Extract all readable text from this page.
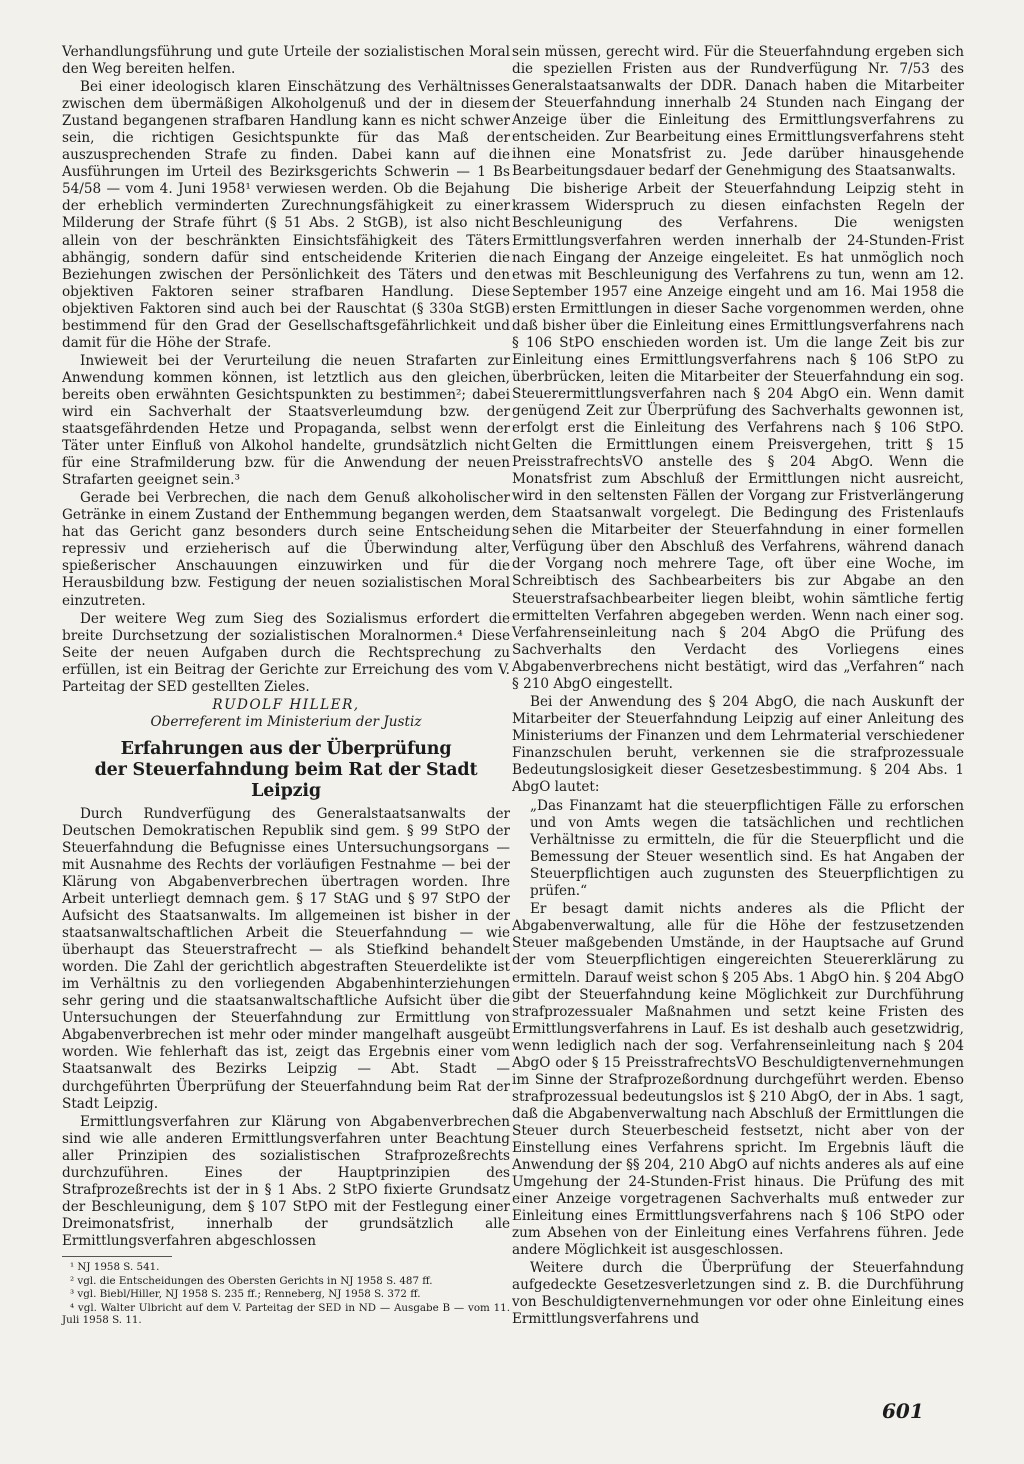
Verhandlungsführung und gute Urteile der sozialistischen Moral den Weg bereiten helfen.

Bei einer ideologisch klaren Einschätzung des Verhältnisses zwischen dem übermäßigen Alkoholgenuß und der in diesem Zustand begangenen strafbaren Handlung kann es nicht schwer sein, die richtigen Gesichtspunkte für das Maß der auszusprechenden Strafe zu finden. Dabei kann auf die Ausführungen im Urteil des Bezirksgerichts Schwerin — 1 Bs 54/58 — vom 4. Juni 1958¹ verwiesen werden. Ob die Bejahung der erheblich verminderten Zurechnungsfähigkeit zu einer Milderung der Strafe führt (§ 51 Abs. 2 StGB), ist also nicht allein von der beschränkten Einsichtsfähigkeit des Täters abhängig, sondern dafür sind entscheidende Kriterien die Beziehungen zwischen der Persönlichkeit des Täters und den objektiven Faktoren seiner strafbaren Handlung. Diese objektiven Faktoren sind auch bei der Rauschtat (§ 330a StGB) bestimmend für den Grad der Gesellschaftsgefährlichkeit und damit für die Höhe der Strafe.

Inwieweit bei der Verurteilung die neuen Strafarten zur Anwendung kommen können, ist letztlich aus den gleichen, bereits oben erwähnten Gesichtspunkten zu bestimmen²; dabei wird ein Sachverhalt der Staatsverleumdung bzw. der staatsgefährdenden Hetze und Propaganda, selbst wenn der Täter unter Einfluß von Alkohol handelte, grundsätzlich nicht für eine Strafmilderung bzw. für die Anwendung der neuen Strafarten geeignet sein.³

Gerade bei Verbrechen, die nach dem Genuß alkoholischer Getränke in einem Zustand der Enthemmung begangen werden, hat das Gericht ganz besonders durch seine Entscheidung repressiv und erzieherisch auf die Überwindung alter, spießerischer Anschauungen einzuwirken und für die Herausbildung bzw. Festigung der neuen sozialistischen Moral einzutreten.

Der weitere Weg zum Sieg des Sozialismus erfordert die breite Durchsetzung der sozialistischen Moralnormen.⁴ Diese Seite der neuen Aufgaben durch die Rechtsprechung zu erfüllen, ist ein Beitrag der Gerichte zur Erreichung des vom V. Parteitag der SED gestellten Zieles.

RUDOLF HILLER,
Oberreferent im Ministerium der Justiz
Erfahrungen aus der Überprüfung
der Steuerfahndung beim Rat der Stadt Leipzig

Durch Rundverfügung des Generalstaatsanwalts der Deutschen Demokratischen Republik sind gem. § 99 StPO der Steuerfahndung die Befugnisse eines Untersuchungsorgans — mit Ausnahme des Rechts der vorläufigen Festnahme — bei der Klärung von Abgabenverbrechen übertragen worden. Ihre Arbeit unterliegt demnach gem. § 17 StAG und § 97 StPO der Aufsicht des Staatsanwalts. Im allgemeinen ist bisher in der staatsanwaltschaftlichen Arbeit die Steuerfahndung — wie überhaupt das Steuerstrafrecht — als Stiefkind behandelt worden. Die Zahl der gerichtlich abgestraften Steuerdelikte ist im Verhältnis zu den vorliegenden Abgabenhinterziehungen sehr gering und die staatsanwaltschaftliche Aufsicht über die Untersuchungen der Steuerfahndung zur Ermittlung von Abgabenverbrechen ist mehr oder minder mangelhaft ausgeübt worden. Wie fehlerhaft das ist, zeigt das Ergebnis einer vom Staatsanwalt des Bezirks Leipzig — Abt. Stadt — durchgeführten Überprüfung der Steuerfahndung beim Rat der Stadt Leipzig.

Ermittlungsverfahren zur Klärung von Abgabenverbrechen sind wie alle anderen Ermittlungsverfahren unter Beachtung aller Prinzipien des sozialistischen Strafprozeßrechts durchzuführen. Eines der Hauptprinzipien des Strafprozeßrechts ist der in § 1 Abs. 2 StPO fixierte Grundsatz der Beschleunigung, dem § 107 StPO mit der Festlegung einer Dreimonatsfrist, innerhalb der grundsätzlich alle Ermittlungsverfahren abgeschlossen

¹ NJ 1958 S. 541.
² vgl. die Entscheidungen des Obersten Gerichts in NJ 1958 S. 487 ff.
³ vgl. Biebl/Hiller, NJ 1958 S. 235 ff.; Renneberg, NJ 1958 S. 372 ff.
⁴ vgl. Walter Ulbricht auf dem V. Parteitag der SED in ND — Ausgabe B — vom 11. Juli 1958 S. 11.

sein müssen, gerecht wird. Für die Steuerfahndung ergeben sich die speziellen Fristen aus der Rundverfügung Nr. 7/53 des Generalstaatsanwalts der DDR. Danach haben die Mitarbeiter der Steuerfahndung innerhalb 24 Stunden nach Eingang der Anzeige über die Einleitung des Ermittlungsverfahrens zu entscheiden. Zur Bearbeitung eines Ermittlungsverfahrens steht ihnen eine Monatsfrist zu. Jede darüber hinausgehende Bearbeitungsdauer bedarf der Genehmigung des Staatsanwalts.

Die bisherige Arbeit der Steuerfahndung Leipzig steht in krassem Widerspruch zu diesen einfachsten Regeln der Beschleunigung des Verfahrens. Die wenigsten Ermittlungsverfahren werden innerhalb der 24-Stunden-Frist nach Eingang der Anzeige eingeleitet. Es hat unmöglich noch etwas mit Beschleunigung des Verfahrens zu tun, wenn am 12. September 1957 eine Anzeige eingeht und am 16. Mai 1958 die ersten Ermittlungen in dieser Sache vorgenommen werden, ohne daß bisher über die Einleitung eines Ermittlungsverfahrens nach § 106 StPO enschieden worden ist. Um die lange Zeit bis zur Einleitung eines Ermittlungsverfahrens nach § 106 StPO zu überbrücken, leiten die Mitarbeiter der Steuerfahndung ein sog. Steuerermittlungsverfahren nach § 204 AbgO ein. Wenn damit genügend Zeit zur Überprüfung des Sachverhalts gewonnen ist, erfolgt erst die Einleitung des Verfahrens nach § 106 StPO. Gelten die Ermittlungen einem Preisvergehen, tritt § 15 PreisstrafrechtsVO anstelle des § 204 AbgO. Wenn die Monatsfrist zum Abschluß der Ermittlungen nicht ausreicht, wird in den seltensten Fällen der Vorgang zur Fristverlängerung dem Staatsanwalt vorgelegt. Die Bedingung des Fristenlaufs sehen die Mitarbeiter der Steuerfahndung in einer formellen Verfügung über den Abschluß des Verfahrens, während danach der Vorgang noch mehrere Tage, oft über eine Woche, im Schreibtisch des Sachbearbeiters bis zur Abgabe an den Steuerstrafsachbearbeiter liegen bleibt, wohin sämtliche fertig ermittelten Verfahren abgegeben werden. Wenn nach einer sog. Verfahrenseinleitung nach § 204 AbgO die Prüfung des Sachverhalts den Verdacht des Vorliegens eines Abgabenverbrechens nicht bestätigt, wird das „Verfahren“ nach § 210 AbgO eingestellt.

Bei der Anwendung des § 204 AbgO, die nach Auskunft der Mitarbeiter der Steuerfahndung Leipzig auf einer Anleitung des Ministeriums der Finanzen und dem Lehrmaterial verschiedener Finanzschulen beruht, verkennen sie die strafprozessuale Bedeutungslosigkeit dieser Gesetzesbestimmung. § 204 Abs. 1 AbgO lautet:

„Das Finanzamt hat die steuerpflichtigen Fälle zu erforschen und von Amts wegen die tatsächlichen und rechtlichen Verhältnisse zu ermitteln, die für die Steuerpflicht und die Bemessung der Steuer wesentlich sind. Es hat Angaben der Steuerpflichtigen auch zugunsten des Steuerpflichtigen zu prüfen.“

Er besagt damit nichts anderes als die Pflicht der Abgabenverwaltung, alle für die Höhe der festzusetzenden Steuer maßgebenden Umstände, in der Hauptsache auf Grund der vom Steuerpflichtigen eingereichten Steuererklärung zu ermitteln. Darauf weist schon § 205 Abs. 1 AbgO hin. § 204 AbgO gibt der Steuerfahndung keine Möglichkeit zur Durchführung strafprozessualer Maßnahmen und setzt keine Fristen des Ermittlungsverfahrens in Lauf. Es ist deshalb auch gesetzwidrig, wenn lediglich nach der sog. Verfahrenseinleitung nach § 204 AbgO oder § 15 PreisstrafrechtsVO Beschuldigtenvernehmungen im Sinne der Strafprozeßordnung durchgeführt werden. Ebenso strafprozessual bedeutungslos ist § 210 AbgO, der in Abs. 1 sagt, daß die Abgabenverwaltung nach Abschluß der Ermittlungen die Steuer durch Steuerbescheid festsetzt, nicht aber von der Einstellung eines Verfahrens spricht. Im Ergebnis läuft die Anwendung der §§ 204, 210 AbgO auf nichts anderes als auf eine Umgehung der 24-Stunden-Frist hinaus. Die Prüfung des mit einer Anzeige vorgetragenen Sachverhalts muß entweder zur Einleitung eines Ermittlungsverfahrens nach § 106 StPO oder zum Absehen von der Einleitung eines Verfahrens führen. Jede andere Möglichkeit ist ausgeschlossen.

Weitere durch die Überprüfung der Steuerfahndung aufgedeckte Gesetzesverletzungen sind z. B. die Durchführung von Beschuldigtenvernehmungen vor oder ohne Einleitung eines Ermittlungsverfahrens und

601
